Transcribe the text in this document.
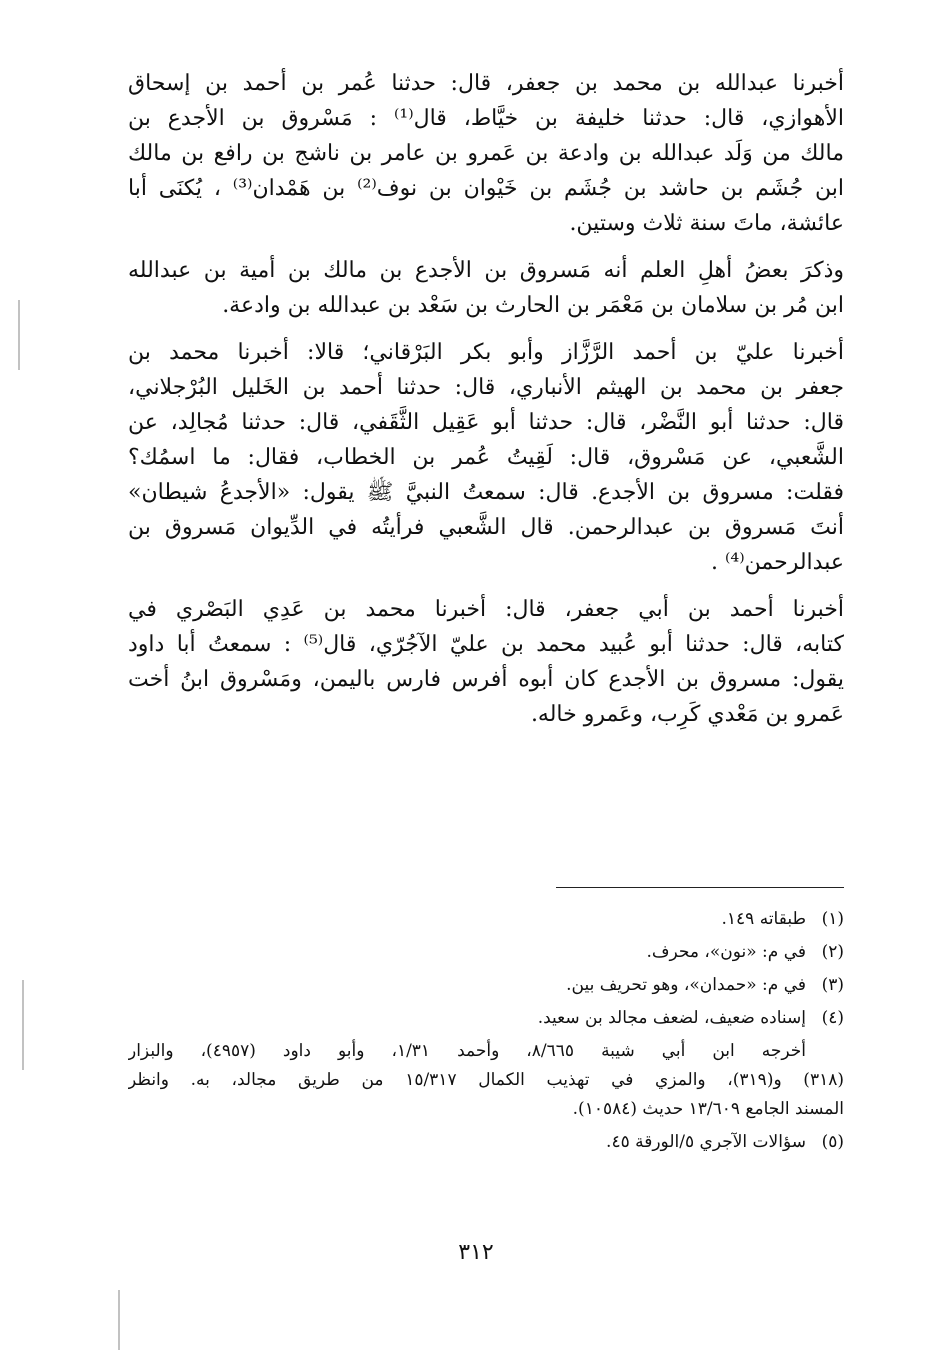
أخبرنا عبدالله بن محمد بن جعفر، قال: حدثنا عُمر بن أحمد بن إسحاق
الأهوازي، قال: حدثنا خليفة بن خيَّاط، قال⁽¹⁾ : مَسْروق بن الأجدع بن
مالك من وَلَد عبدالله بن وادعة بن عَمرو بن عامر بن ناشج بن رافع بن مالك
ابن جُشَم بن حاشد بن جُشَم بن خَيْوان بن نوف⁽²⁾ بن هَمْدان⁽³⁾ ، يُكنَى أبا
عائشة، ماتَ سنة ثلاث وستين.
وذكرَ بعضُ أهلِ العلم أنه مَسروق بن الأجدع بن مالك بن أمية بن عبدالله
ابن مُر بن سلامان بن مَعْمَر بن الحارث بن سَعْد بن عبدالله بن وادعة.
أخبرنا عليّ بن أحمد الرَّزَّاز وأبو بكر البَرْقاني؛ قالا: أخبرنا محمد بن
جعفر بن محمد بن الهيثم الأنباري، قال: حدثنا أحمد بن الخَليل البُرْجلاني،
قال: حدثنا أبو النَّضْر، قال: حدثنا أبو عَقِيل الثَّقَفي، قال: حدثنا مُجالِد، عن
الشَّعبي، عن مَسْروق، قال: لَقِيتُ عُمر بن الخطاب، فقال: ما اسمُك؟
فقلت: مسروق بن الأجدع. قال: سمعتُ النبيَّ ﷺ يقول: «الأجدعُ شيطان»
أنتَ مَسروق بن عبدالرحمن. قال الشَّعبي فرأيتُه في الدِّيوان مَسروق بن
عبدالرحمن⁽⁴⁾ .
أخبرنا أحمد بن أبي جعفر، قال: أخبرنا محمد بن عَدِي البَصْري في
كتابه، قال: حدثنا أبو عُبيد محمد بن عليّ الآجُرّي، قال⁽⁵⁾ : سمعتُ أبا داود
يقول: مسروق بن الأجدع كان أبوه أفرس فارس باليمن، ومَسْروق ابنُ أخت
عَمرو بن مَعْدي كَرِب، وعَمرو خاله.
(١)
طبقاته ١٤٩.
(٢)
في م: «نون»، محرف.
(٣)
في م: «حمدان»، وهو تحريف بين.
(٤)
إسناده ضعيف، لضعف مجالد بن سعيد.
أخرجه ابن أبي شيبة ٨/٦٦٥، وأحمد ١/٣١، وأبو داود (٤٩٥٧)، والبزار
(٣١٨) و(٣١٩)، والمزي في تهذيب الكمال ١٥/٣١٧ من طريق مجالد، به. وانظر
المسند الجامع ١٣/٦٠٩ حديث (١٠٥٨٤).
(٥)
سؤالات الآجري ٥/الورقة ٤٥.
٣١٢
